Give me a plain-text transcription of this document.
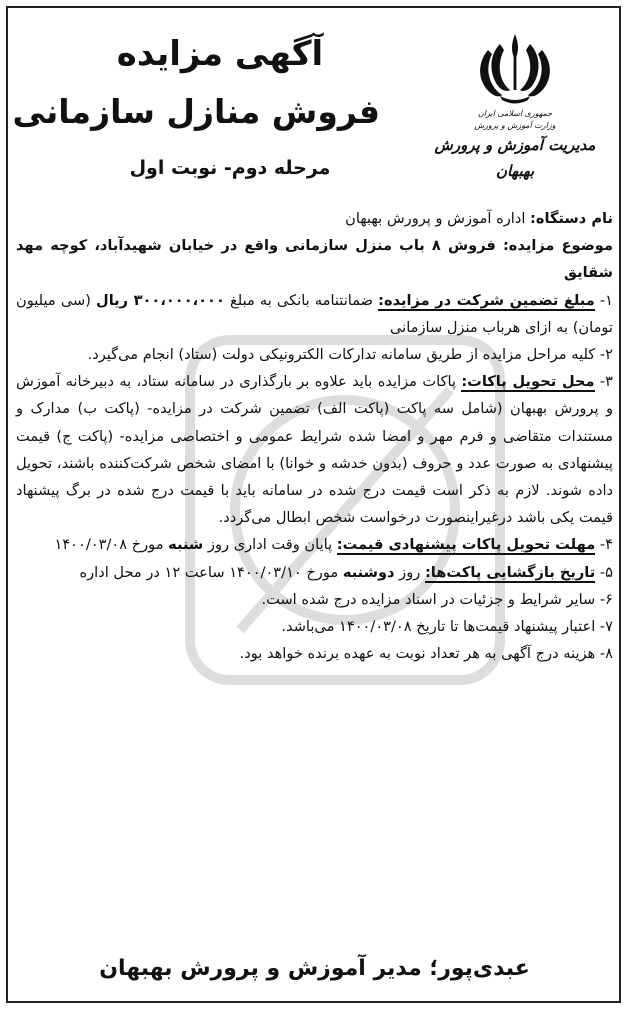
آگهی مزایده
فروش منازل سازمانی
مرحله دوم- نوبت اول
جمهوری اسلامی ایران
وزارت آموزش و پرورش
مدیریت آموزش و پرورش بهبهان

نام دستگاه: اداره آموزش و پرورش بهبهان

موضوع مزایده: فروش ۸ باب منزل سازمانی واقع در خیابان شهیدآباد، کوچه مهد شقایق

۱- مبلغ تضمین شرکت در مزایده: ضمانتنامه بانکی به مبلغ ۳۰۰،۰۰۰،۰۰۰ ریال (سی میلیون تومان) به ازای هرباب منزل سازمانی

۲- کلیه مراحل مزایده از طریق سامانه تدارکات الکترونیکی دولت (ستاد) انجام می‌گیرد.

۳- محل تحویل پاکات: پاکات مزایده باید علاوه بر بارگذاری در سامانه ستاد، به دبیرخانه آموزش و پرورش بهبهان (شامل سه پاکت (پاکت الف) تضمین شرکت در مزایده- (پاکت ب) مدارک و مستندات متقاضی و فرم مهر و امضا شده شرایط عمومی و اختصاصی مزایده- (پاکت ج) قیمت پیشنهادی به صورت عدد و حروف (بدون خدشه و خوانا) با امضای شخص شرکت‌کننده باشند، تحویل داده شوند. لازم به ذکر است قیمت درج شده در سامانه باید با قیمت درج شده در برگ پیشنهاد قیمت یکی باشد درغیراینصورت درخواست شخص ابطال می‌گردد.

۴- مهلت تحویل پاکات پیشنهادی قیمت: پایان وقت اداری روز شنبه مورخ ۱۴۰۰/۰۳/۰۸

۵- تاریخ بازگشایی پاکت‌ها: روز دوشنبه مورخ ۱۴۰۰/۰۳/۱۰ ساعت ۱۲ در محل اداره

۶- سایر شرایط و جزئیات در اسناد مزایده درج شده است.

۷- اعتبار پیشنهاد قیمت‌ها تا تاریخ ۱۴۰۰/۰۳/۰۸ می‌باشد.

۸- هزینه درج آگهی به هر تعداد نوبت به عهده برنده خواهد بود.

عبدی‌پور؛ مدیر آموزش و پرورش بهبهان
